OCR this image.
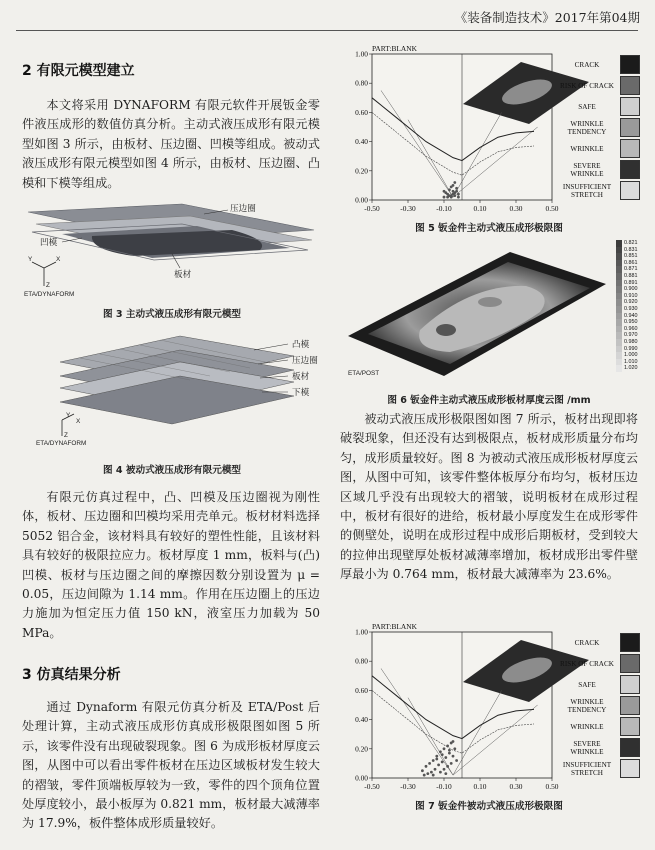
《装备制造技术》2017年第04期
2 有限元模型建立
本文将采用 DYNAFORM 有限元软件开展钣金零件液压成形的数值仿真分析。主动式液压成形有限元模型如图 3 所示，由板材、压边圈、凹模等组成。被动式液压成形有限元模型如图 4 所示，由板材、压边圈、凸模和下模等组成。
压边圈
凹模
板材
Y	X
Z
ETA/DYNAFORM
图 3 主动式液压成形有限元模型
凸模
压边圈
板材
下模
Y
X
Z
ETA/DYNAFORM
图 4 被动式液压成形有限元模型
有限元仿真过程中，凸、凹模及压边圈视为刚性体，板材、压边圈和凹模均采用壳单元。板材材料选择 5052 铝合金，该材料具有较好的塑性性能，且该材料具有较好的极限拉应力。板材厚度 1 mm，板料与(凸)凹模、板材与压边圈之间的摩擦因数分别设置为 μ = 0.05，压边间隙为 1.14 mm。作用在压边圈上的压边力施加为恒定压力值 150 kN，液室压力加载为 50 MPa。
3 仿真结果分析
通过 Dynaform 有限元仿真分析及 ETA/Post 后处理计算，主动式液压成形仿真成形极限图如图 5 所示，该零件没有出现破裂现象。图 6 为成形板材厚度云图，从图中可以看出零件板材在压边区域板材发生较大的褶皱，零件顶端板厚较为一致，零件的四个顶角位置处厚度较小，最小板厚为 0.821 mm，板材最大减薄率为 17.9%，板件整体成形质量较好。
0.00
0.20
0.40
0.60
0.80
1.00
-0.50	-0.30	-0.10	0.10	0.30	0.50
PART:BLANK
CRACK
RISK OF CRACK
SAFE
WRINKLE TENDENCY
WRINKLE
SEVERE WRINKLE
INSUFFICIENT STRETCH
图 5 钣金件主动式液压成形极限图
ETA/POST
0.821
0.831
0.851
0.861
0.871
0.881
0.891
0.900
0.910
0.920
0.930
0.940
0.950
0.960
0.970
0.980
0.990
1.000
1.010
1.020
图 6 钣金件主动式液压成形板材厚度云图 /mm
被动式液压成形极限图如图 7 所示，板材出现即将破裂现象，但还没有达到极限点，板材成形质量分布均匀，成形质量较好。图 8 为被动式液压成形板材厚度云图，从图中可知，该零件整体板厚分布均匀，板材压边区域几乎没有出现较大的褶皱，说明板材在成形过程中，板材有很好的进给，板材最小厚度发生在成形零件的侧壁处，说明在成形过程中成形后期板材，受到较大的拉伸出现壁厚处板材减薄率增加，板材成形出零件壁厚最小为 0.764 mm，板材最大减薄率为 23.6%。
0.00
0.20
0.40
0.60
0.80
1.00
-0.50	-0.30	-0.10	0.10	0.30	0.50
PART:BLANK
CRACK
RISK OF CRACK
SAFE
WRINKLE TENDENCY
WRINKLE
SEVERE WRINKLE
INSUFFICIENT STRETCH
图 7 钣金件被动式液压成形极限图
